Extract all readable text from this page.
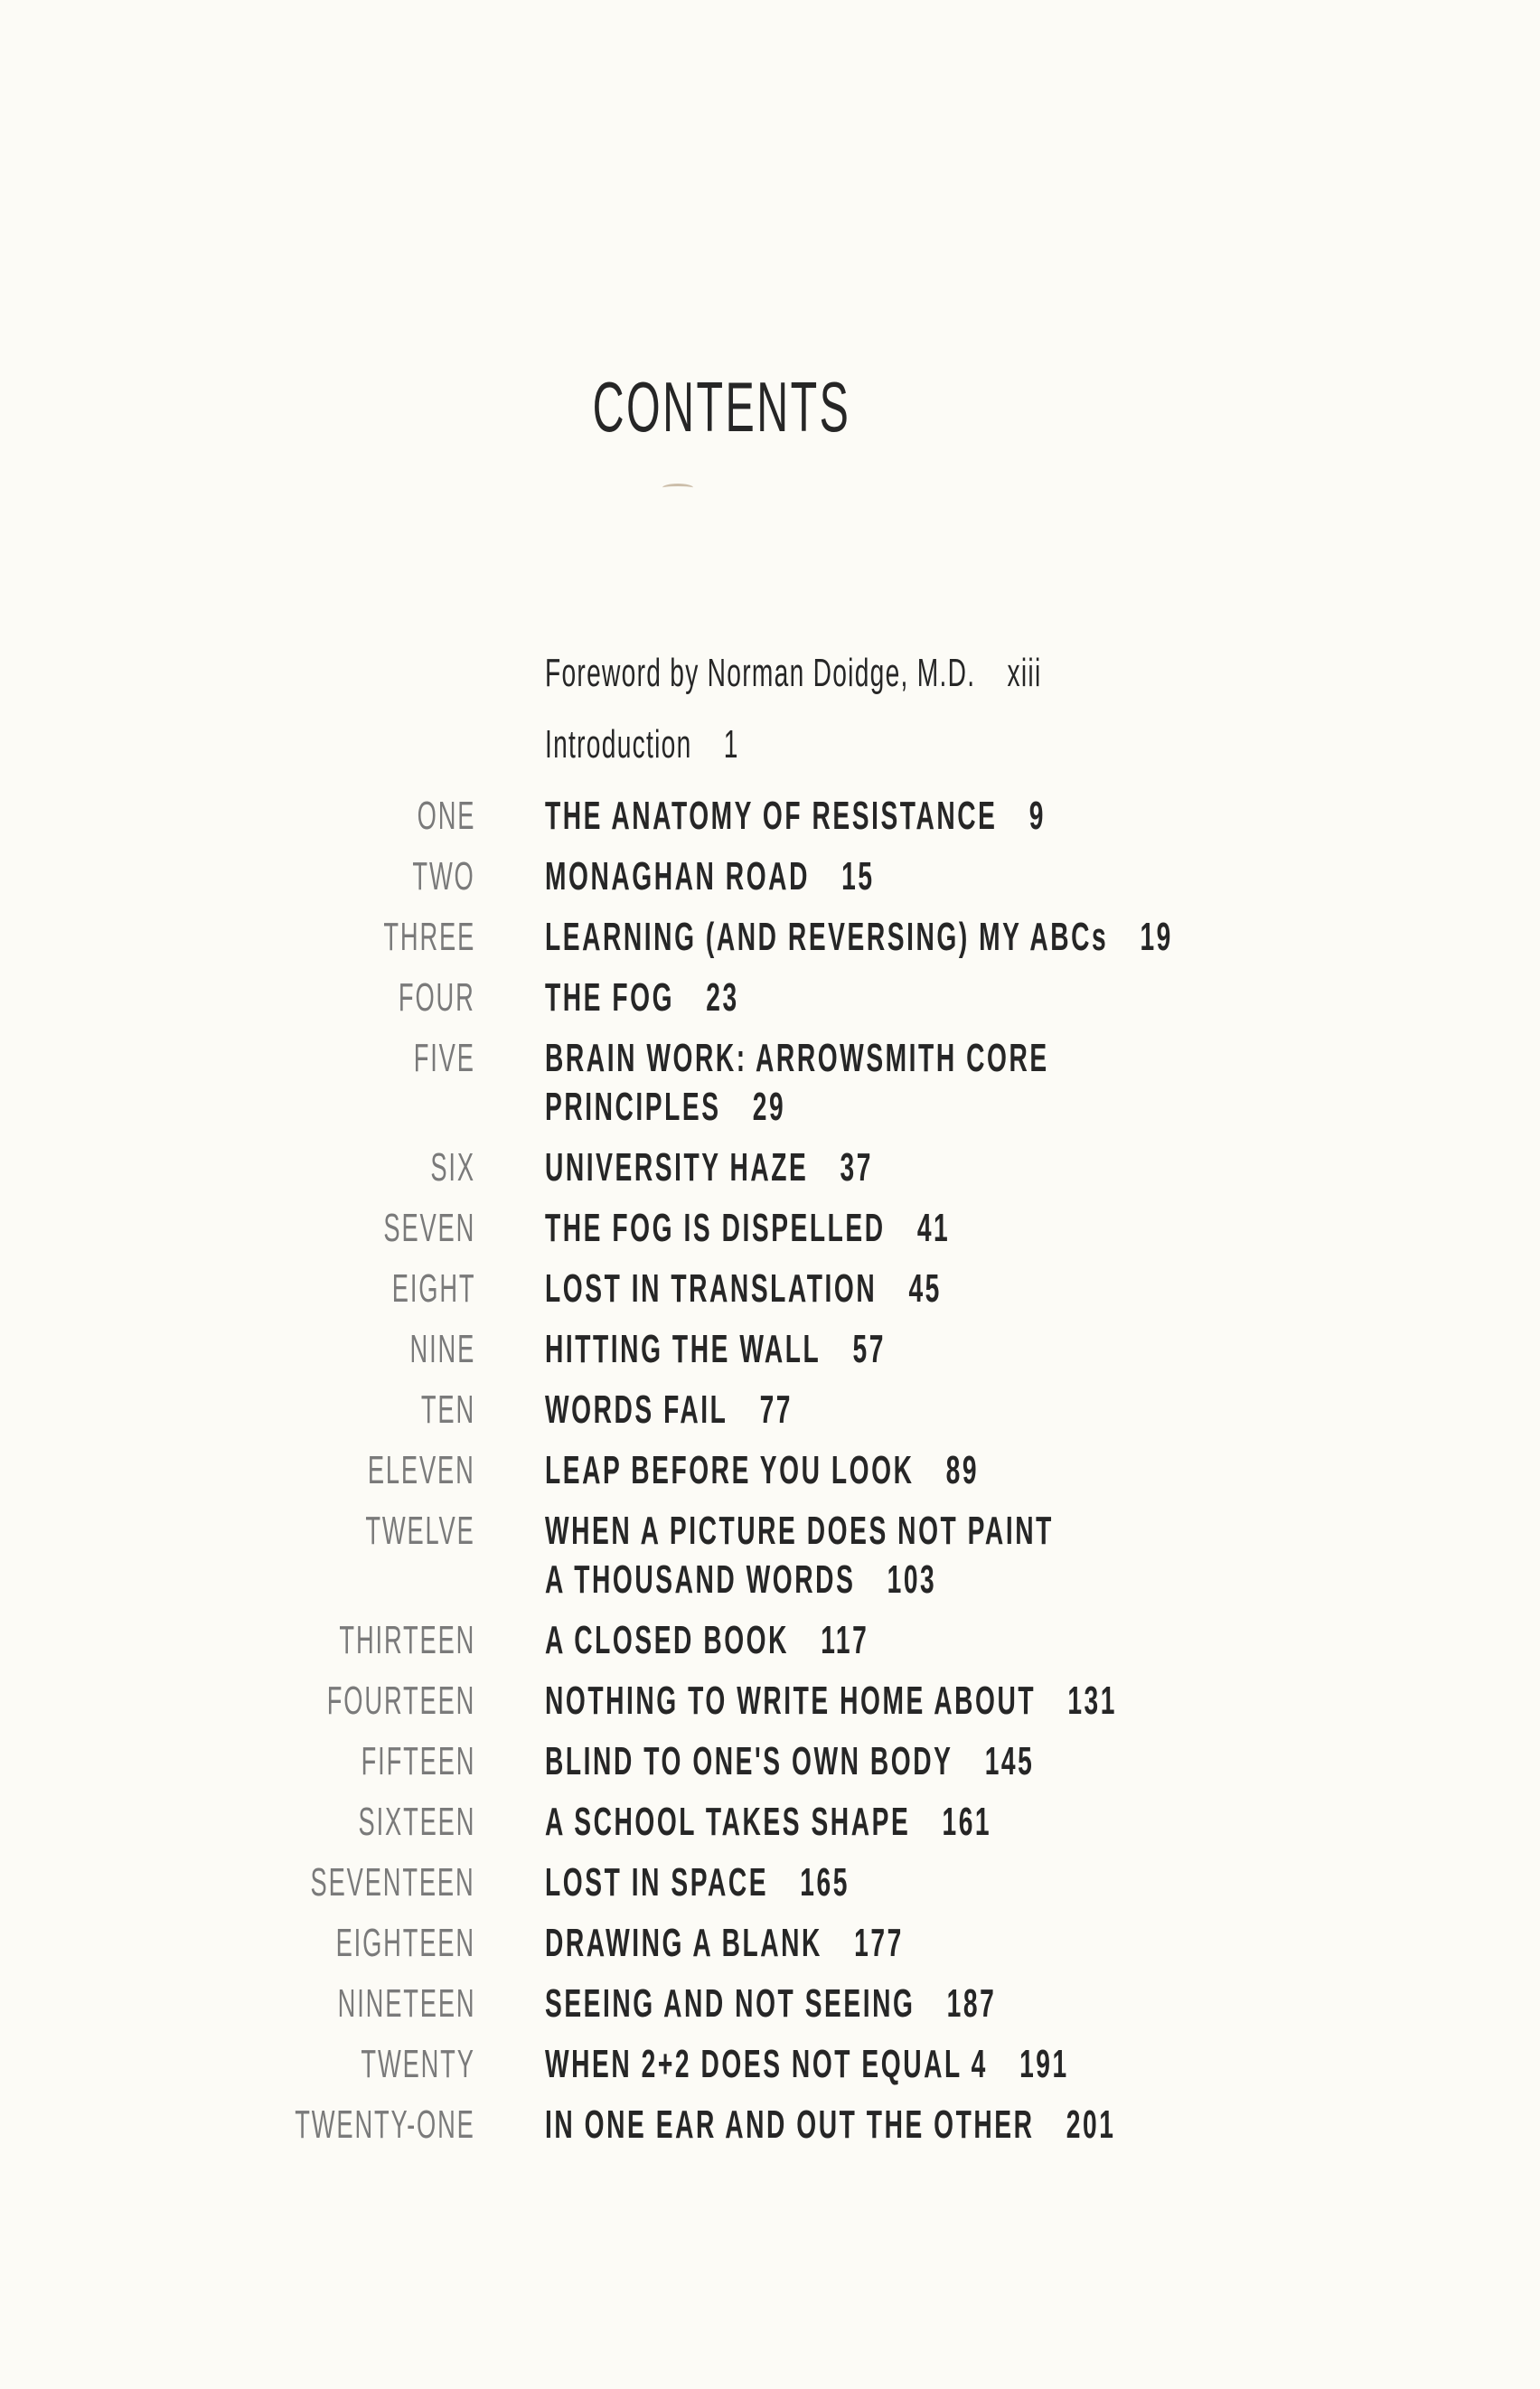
CONTENTS
Foreword by Norman Doidge, M.D. xiii
Introduction 1
ONE THE ANATOMY OF RESISTANCE 9
TWO MONAGHAN ROAD 15
THREE LEARNING (AND REVERSING) MY ABCs 19
FOUR THE FOG 23
FIVE BRAIN WORK: ARROWSMITH CORE
PRINCIPLES 29
SIX UNIVERSITY HAZE 37
SEVEN THE FOG IS DISPELLED 41
EIGHT LOST IN TRANSLATION 45
NINE HITTING THE WALL 57
TEN WORDS FAIL 77
ELEVEN LEAP BEFORE YOU LOOK 89
TWELVE WHEN A PICTURE DOES NOT PAINT
A THOUSAND WORDS 103
THIRTEEN A CLOSED BOOK 117
FOURTEEN NOTHING TO WRITE HOME ABOUT 131
FIFTEEN BLIND TO ONE'S OWN BODY 145
SIXTEEN A SCHOOL TAKES SHAPE 161
SEVENTEEN LOST IN SPACE 165
EIGHTEEN DRAWING A BLANK 177
NINETEEN SEEING AND NOT SEEING 187
TWENTY WHEN 2+2 DOES NOT EQUAL 4 191
TWENTY-ONE IN ONE EAR AND OUT THE OTHER 201
